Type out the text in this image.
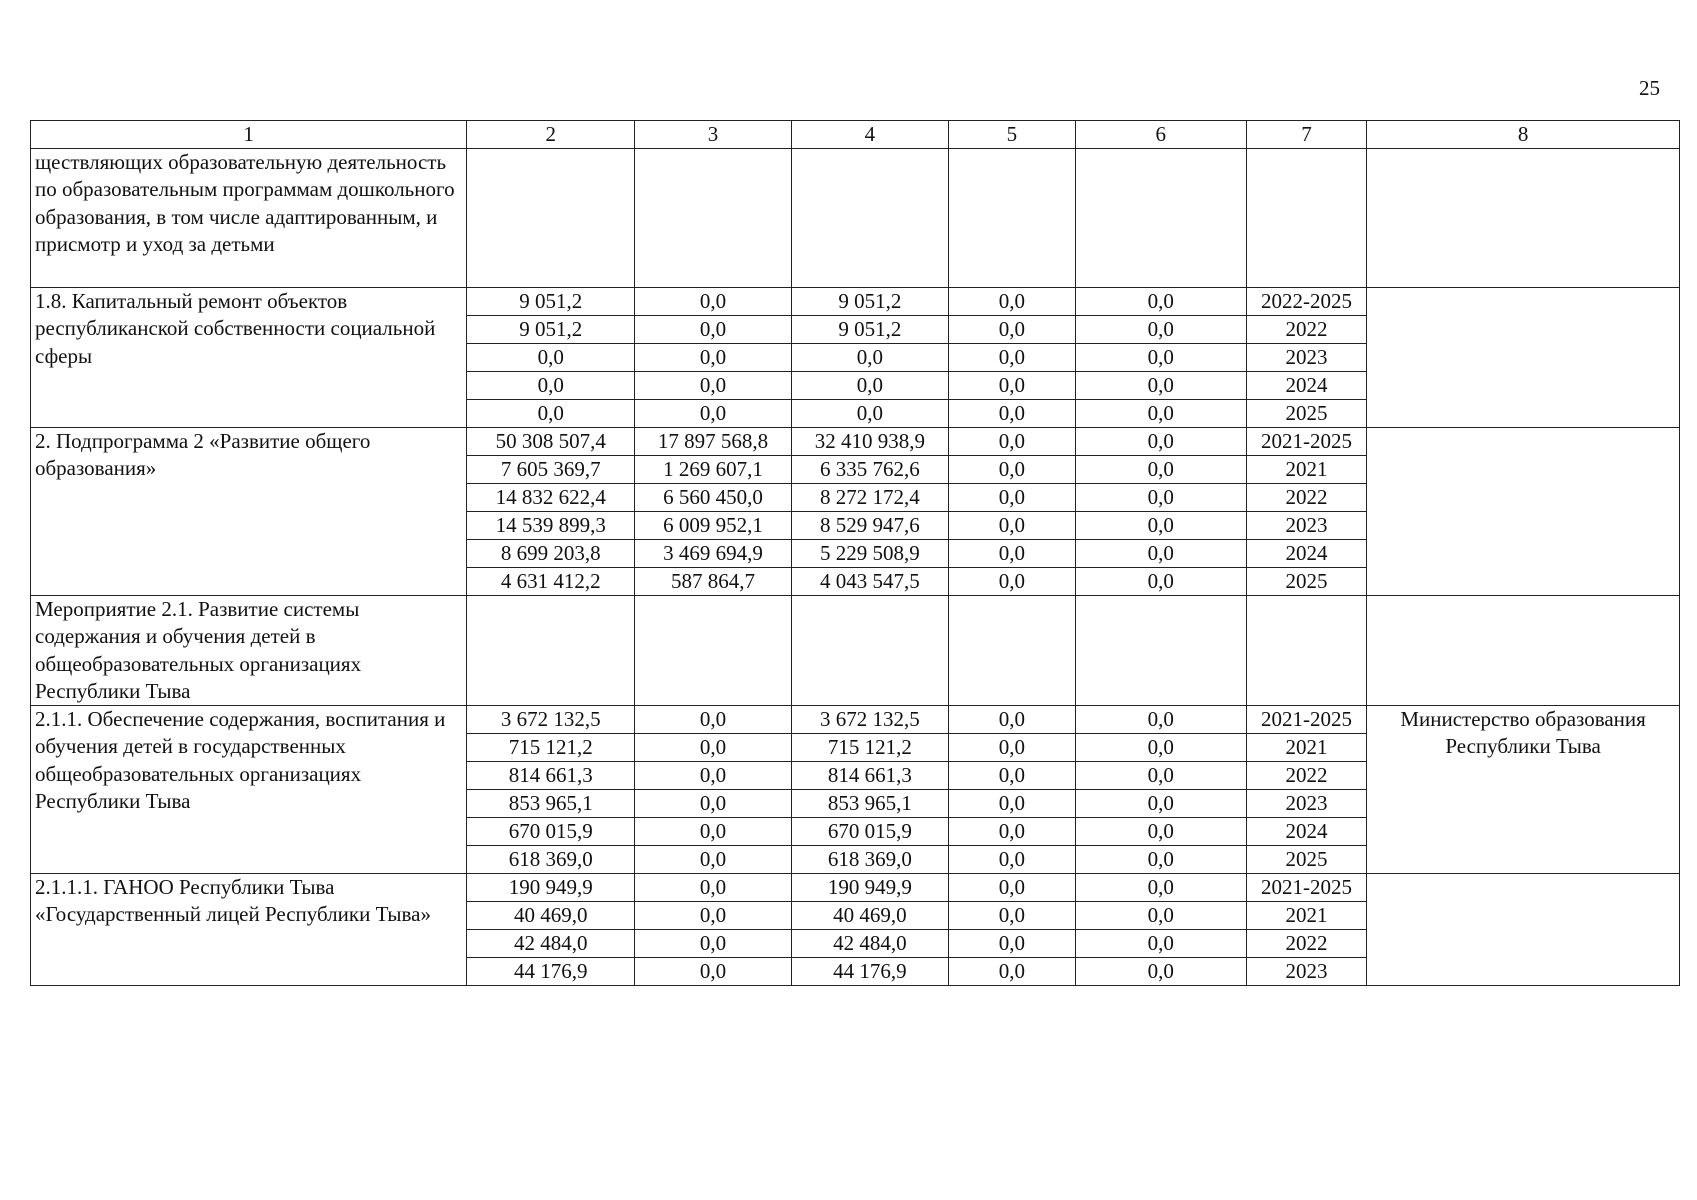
25
1	2	3	4	5	6	7	8
ществляющих образовательную деятельность по образовательным программам дошкольного образования, в том числе адаптированным, и присмотр и уход за детьми							
1.8. Капитальный ремонт объектов республиканской собственности социальной сферы	9 051,2	0,0	9 051,2	0,0	0,0	2022-2025	
	9 051,2	0,0	9 051,2	0,0	0,0	2022	
	0,0	0,0	0,0	0,0	0,0	2023	
	0,0	0,0	0,0	0,0	0,0	2024	
	0,0	0,0	0,0	0,0	0,0	2025	
2. Подпрограмма 2 «Развитие общего образования»	50 308 507,4	17 897 568,8	32 410 938,9	0,0	0,0	2021-2025	
	7 605 369,7	1 269 607,1	6 335 762,6	0,0	0,0	2021	
	14 832 622,4	6 560 450,0	8 272 172,4	0,0	0,0	2022	
	14 539 899,3	6 009 952,1	8 529 947,6	0,0	0,0	2023	
	8 699 203,8	3 469 694,9	5 229 508,9	0,0	0,0	2024	
	4 631 412,2	587 864,7	4 043 547,5	0,0	0,0	2025	
Мероприятие 2.1. Развитие системы содержания и обучения детей в общеобразовательных организациях Республики Тыва							
2.1.1. Обеспечение содержания, воспитания и обучения детей в государственных общеобразовательных организациях Республики Тыва	3 672 132,5	0,0	3 672 132,5	0,0	0,0	2021-2025	Министерство образования Республики Тыва
	715 121,2	0,0	715 121,2	0,0	0,0	2021	
	814 661,3	0,0	814 661,3	0,0	0,0	2022	
	853 965,1	0,0	853 965,1	0,0	0,0	2023	
	670 015,9	0,0	670 015,9	0,0	0,0	2024	
	618 369,0	0,0	618 369,0	0,0	0,0	2025	
2.1.1.1. ГАНОО Республики Тыва «Государственный лицей Республики Тыва»	190 949,9	0,0	190 949,9	0,0	0,0	2021-2025	
	40 469,0	0,0	40 469,0	0,0	0,0	2021	
	42 484,0	0,0	42 484,0	0,0	0,0	2022	
	44 176,9	0,0	44 176,9	0,0	0,0	2023	
